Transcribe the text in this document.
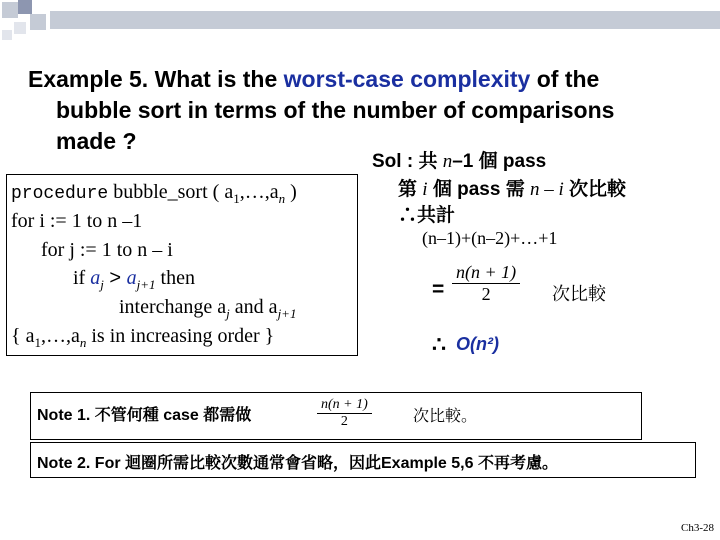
Example 5. What is the worst-case complexity of the
bubble sort in terms of the number of comparisons
made ?
Sol : 共 n–1 個 pass
第 i 個 pass 需 n – i 次比較
∴共計
(n–1)+(n–2)+…+1
= $\frac{n(n + 1)}{2}$ 次比較
∴ O(n²)
procedure bubble_sort ( $a_1,\dots,a_n$ )
for i := 1 to n –1
for j := 1 to n – i
if $a_j > a_{j+1}$ then
interchange $a_j$ and $a_{j+1}$
{ $a_1,\dots,a_n$ is in increasing order }
Note 1. 不管何種 case 都需做	$\frac{n(n + 1)}{2}$	次比較。
Note 2. For 迴圈所需比較次數通常會省略，因此Example 5,6 不再考慮。
Ch3-28
